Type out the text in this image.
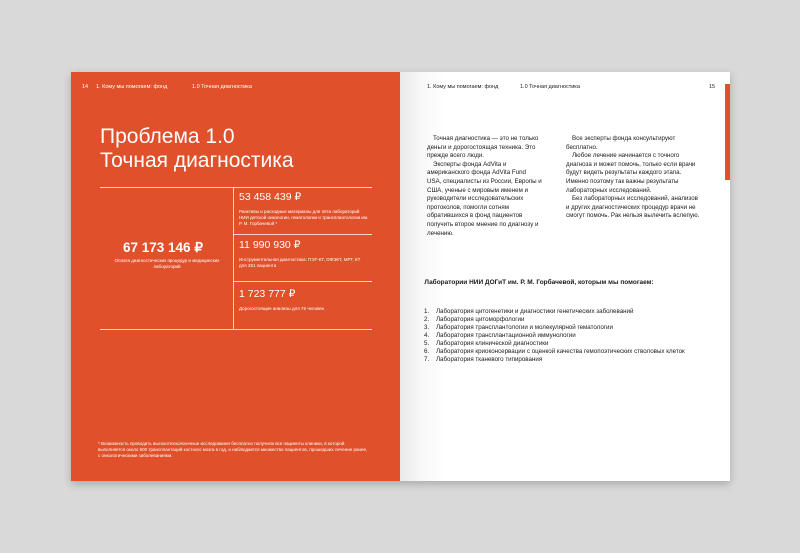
14 1. Кому мы помогаем: фонд	1.0 Точная диагностика
Проблема 1.0
Точная диагностика
67 173 146 ₽
Оплата диагностических процедур и медицинских лабораторий
53 458 439 ₽
Реактивы и расходные материалы для пяти лабораторий НИИ детской онкологии, гематологии и трансплантологии им. Р. М. Горбачевой *
11 990 930 ₽
Инструментальная диагностика: ПЭТ-КТ, ОФЭКТ, МРТ, КТ для 251 пациента
1 723 777 ₽
Дорогостоящие анализы для 75 человек
* Возможность проводить высокотехнологичные исследования бесплатно получили все пациенты клиники, в которой выполняется около 600 трансплантаций костного мозга в год, и наблюдается множество пациентов, прошедших лечение ранее, с онкологическими заболеваниями.
1. Кому мы помогаем: фонд	1.0 Точная диагностика	15

Точная диагностика — это не только деньги и дорогостоящая техника. Это прежде всего люди.

Эксперты фонда AdVita и американского фонда AdVita Fund USA, специалисты из России, Европы и США, ученые с мировым именем и руководители исследовательских протоколов, помогли сотням обратившихся в фонд пациентов получить второе мнение по диагнозу и лечению.

Все эксперты фонда консультируют бесплатно.

Любое лечение начинается с точного диагноза и может помочь, только если врачи будут видеть результаты каждого этапа. Именно поэтому так важны результаты лабораторных исследований.

Без лабораторных исследований, анализов и других диагностических процедур врачи не смогут помочь. Рак нельзя вылечить вслепую.

Лаборатории НИИ ДОГиТ им. Р. М. Горбачевой, которым мы помогаем:
1.	Лаборатория цитогенетики и диагностики генетических заболеваний
2.	Лаборатория цитоморфологии
3.	Лаборатория трансплантологии и молекулярной гематологии
4.	Лаборатория трансплантационной иммунологии
5.	Лаборатория клинической диагностики
6.	Лаборатория криоконсервации с оценкой качества гемопоэтических стволовых клеток
7.	Лаборатория тканевого типирования
